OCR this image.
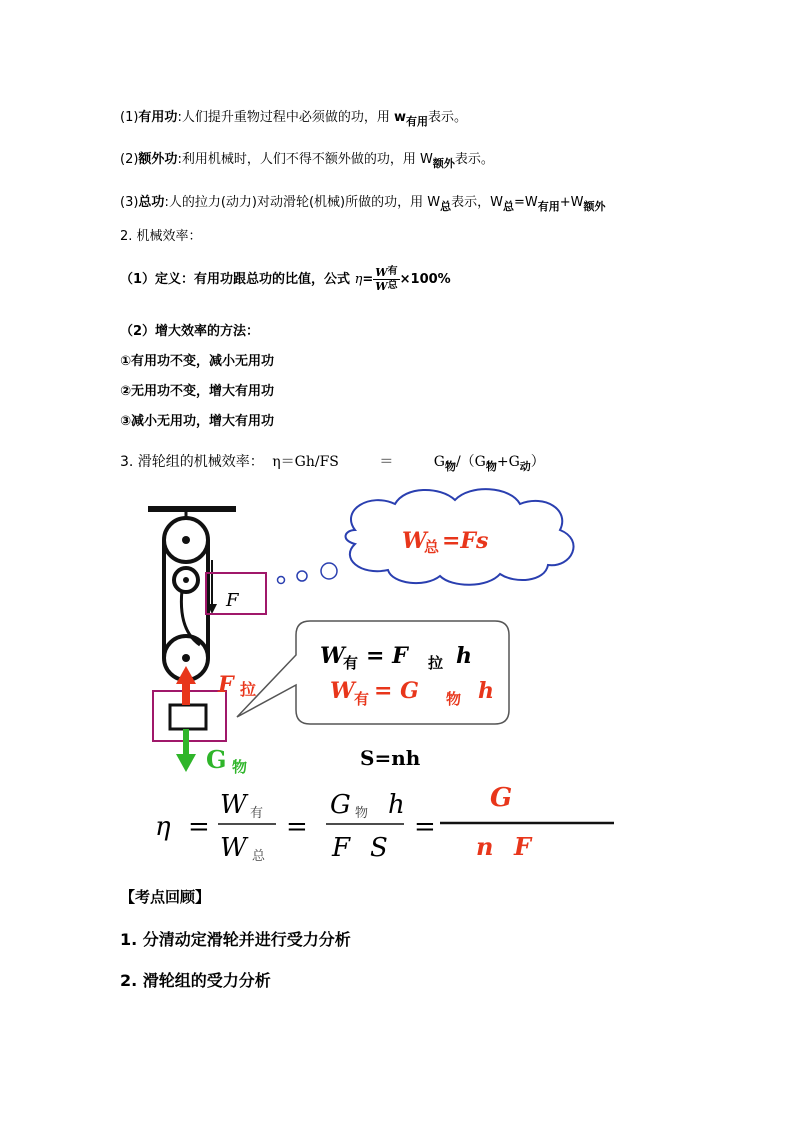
(1)有用功:人们提升重物过程中必须做的功，用 $w_{有用}$表示。
(2)额外功:利用机械时，人们不得不额外做的功，用 $W_{额外}$表示。
(3)总功:人的拉力(动力)对动滑轮(机械)所做的功，用 $W_总$表示，$W_总=W_{有用}+W_{额外}$
2. 机械效率：
（1）定义：有用功跟总功的比值，公式 $\eta= \frac{\text{W有}}{\text{W总}} \times 100\%$
（2）增大效率的方法：
①有用功不变，减小无用功
②无用功不变，增大有用功
③减小无用功，增大有用功
3. 滑轮组的机械效率： η＝Gh/FS	＝	$G_物/(G_物+G_动)$
F
F 拉
G 物
W
总 =Fs
W
有 = F 拉 h
W 有 = G 物 h
S=nh
η =
W 有
W 总
=
G 物 h
F S
=
G
n F
【考点回顾】
1. 分清动定滑轮并进行受力分析
2. 滑轮组的受力分析
